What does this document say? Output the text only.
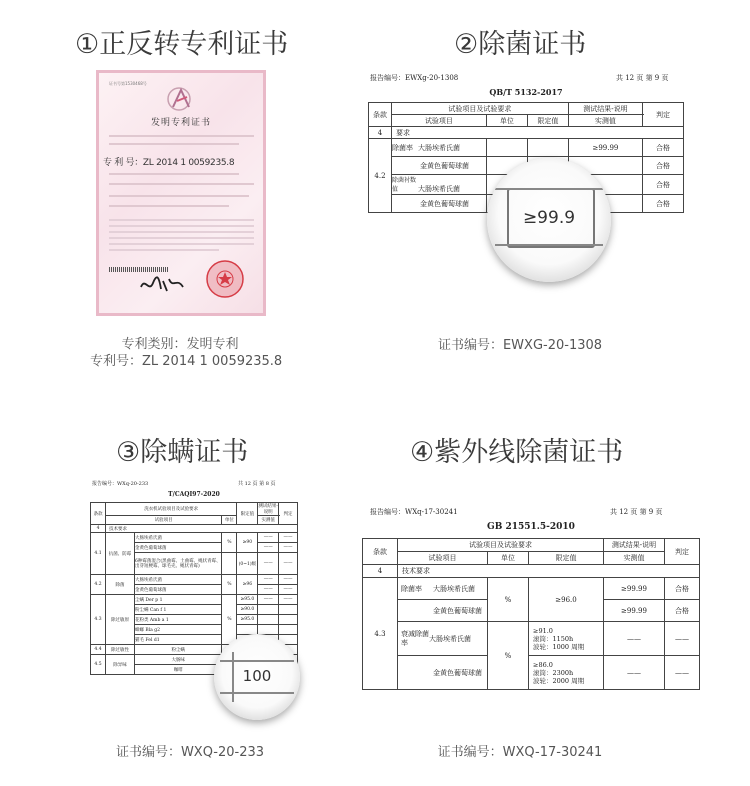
①正反转专利证书	②除菌证书
③除螨证书	④紫外线除菌证书
证书号第1530468号
发明专利证书
专 利 号：ZL 2014 1 0059235.8
专利类别：发明专利
专利号：ZL 2014 1 0059235.8
证书编号：EWXG-20-1308
证书编号：WXQ-20-233	证书编号：WXQ-17-30241
报告编号：EWXg-20-1308	共 12 页 第 9 页
QB/T 5132-2017
条款	试验项目及试验要求			测试结果-说明	判定
	试验项目	单位	限定值	实测值	
4	要求				
4.2	除菌率 大肠埃希氏菌			≥99.99	合格
	金黄色葡萄球菌				合格
	除菌衬数值 大肠埃希氏菌				合格
	金黄色葡萄球菌				合格
≥99.9
报告编号：WXq-20-233	共 12 页 第 8 页
T/CAQI97-2020
条款	洗衣机试验项目及试验要求			限定值	测试结果-说明	判定
	试验项目		单位		实测值	
4	技术要求					
4.1	抗菌、防霉	大肠埃希氏菌	%	≥90	——	——
		金黄色葡萄球菌			——	——
		6种霉菌混合(黑曲霉、土曲霉、绳状青霉、出芽短梗霉、球毛壳、绳状青霉)		(0~1)级	——	——
4.2	除菌	大肠埃希氏菌	%	≥96	——	——
		金黄色葡萄球菌			——	——
4.3	除过敏原	尘螨 Der p 1	%	≥95.0	——	——
		粉尘螨 Can f 1		≥90.0		
		花粉类 Amb a 1		≥95.0		
		蟑螂 Bla g2				
		猫毛 Fel d1				
4.4	除过敏性	粉尘螨				
4.5	除异味	大肠味				
		咖啡					100
报告编号：WXq-17-30241	共 12 页 第 9 页
GB 21551.5-2010
条款	试验项目及试验要求			测试结果-说明	判定
	试验项目	单位	限定值	实测值	
4	技术要求				
4.3	除菌率 大肠埃希氏菌	%	≥96.0	≥99.99	合格
	金黄色葡萄球菌			≥99.99	合格
	衰减除菌率 大肠埃希氏菌	%	≥91.0
滚筒：1150h
波轮：1000 周期	——	——
	金黄色葡萄球菌		≥86.0
滚筒：2300h
波轮：2000 周期	——	——
